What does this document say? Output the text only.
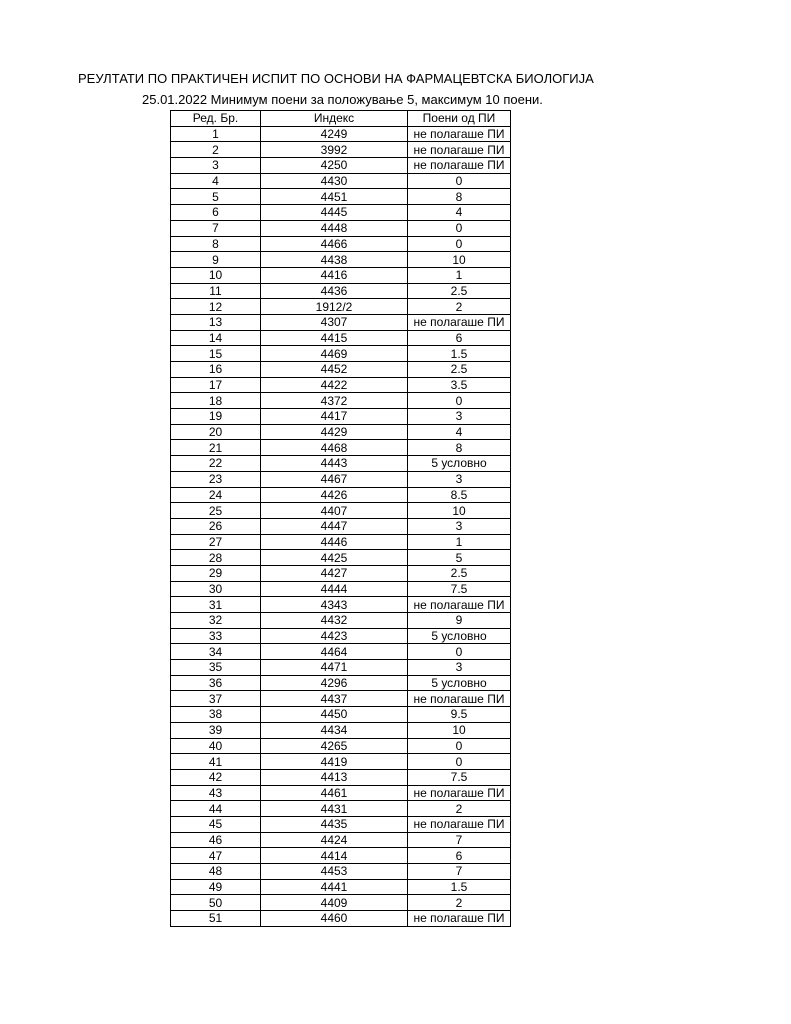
РЕУЛТАТИ ПО ПРАКТИЧЕН ИСПИТ ПО ОСНОВИ НА ФАРМАЦЕВТСКА БИОЛОГИЈА
25.01.2022 Минимум поени за положување 5, максимум 10 поени.
Ред. Бр.	Индекс	Поени од ПИ
1	4249	не полагаше ПИ
2	3992	не полагаше ПИ
3	4250	не полагаше ПИ
4	4430	0
5	4451	8
6	4445	4
7	4448	0
8	4466	0
9	4438	10
10	4416	1
11	4436	2.5
12	1912/2	2
13	4307	не полагаше ПИ
14	4415	6
15	4469	1.5
16	4452	2.5
17	4422	3.5
18	4372	0
19	4417	3
20	4429	4
21	4468	8
22	4443	5 условно
23	4467	3
24	4426	8.5
25	4407	10
26	4447	3
27	4446	1
28	4425	5
29	4427	2.5
30	4444	7.5
31	4343	не полагаше ПИ
32	4432	9
33	4423	5 условно
34	4464	0
35	4471	3
36	4296	5 условно
37	4437	не полагаше ПИ
38	4450	9.5
39	4434	10
40	4265	0
41	4419	0
42	4413	7.5
43	4461	не полагаше ПИ
44	4431	2
45	4435	не полагаше ПИ
46	4424	7
47	4414	6
48	4453	7
49	4441	1.5
50	4409	2
51	4460	не полагаше ПИ
